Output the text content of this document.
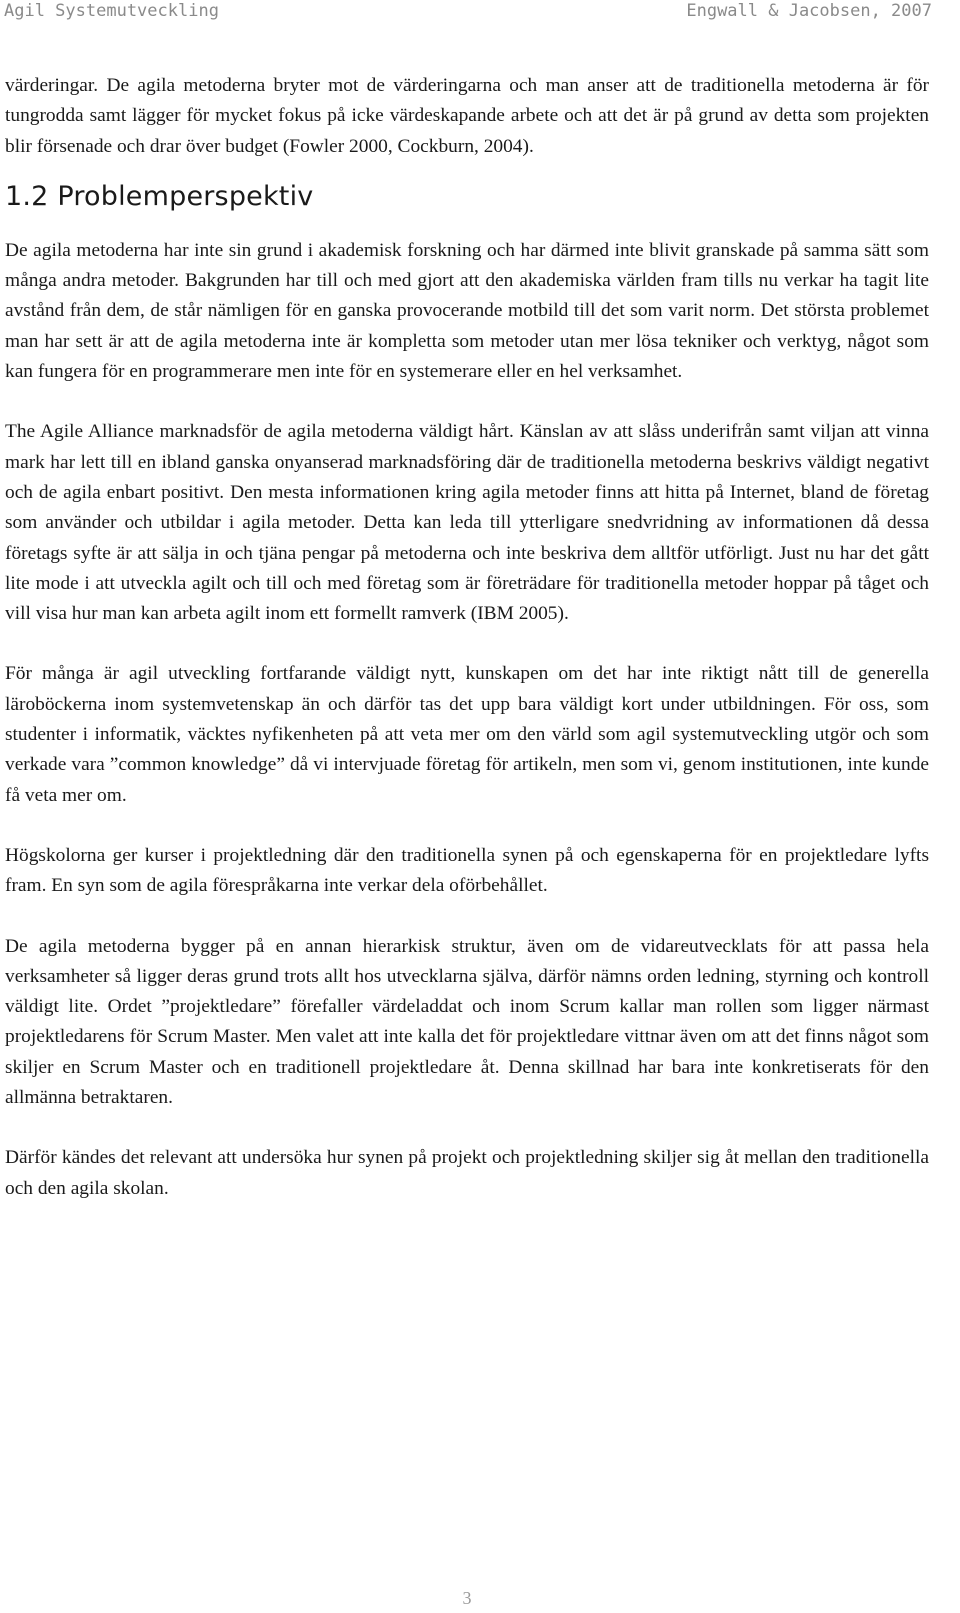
Agil Systemutveckling	Engwall & Jacobsen, 2007

värderingar. De agila metoderna bryter mot de värderingarna och man anser att de traditionella metoderna är för tungrodda samt lägger för mycket fokus på icke värdeskapande arbete och att det är på grund av detta som projekten blir försenade och drar över budget (Fowler 2000, Cockburn, 2004).

1.2 Problemperspektiv

De agila metoderna har inte sin grund i akademisk forskning och har därmed inte blivit granskade på samma sätt som många andra metoder. Bakgrunden har till och med gjort att den akademiska världen fram tills nu verkar ha tagit lite avstånd från dem, de står nämligen för en ganska provocerande motbild till det som varit norm. Det största problemet man har sett är att de agila metoderna inte är kompletta som metoder utan mer lösa tekniker och verktyg, något som kan fungera för en programmerare men inte för en systemerare eller en hel verksamhet.

The Agile Alliance marknadsför de agila metoderna väldigt hårt. Känslan av att slåss underifrån samt viljan att vinna mark har lett till en ibland ganska onyanserad marknadsföring där de traditionella metoderna beskrivs väldigt negativt och de agila enbart positivt. Den mesta informationen kring agila metoder finns att hitta på Internet, bland de företag som använder och utbildar i agila metoder. Detta kan leda till ytterligare snedvridning av informationen då dessa företags syfte är att sälja in och tjäna pengar på metoderna och inte beskriva dem alltför utförligt. Just nu har det gått lite mode i att utveckla agilt och till och med företag som är företrädare för traditionella metoder hoppar på tåget och vill visa hur man kan arbeta agilt inom ett formellt ramverk (IBM 2005).

För många är agil utveckling fortfarande väldigt nytt, kunskapen om det har inte riktigt nått till de generella läroböckerna inom systemvetenskap än och därför tas det upp bara väldigt kort under utbildningen. För oss, som studenter i informatik, väcktes nyfikenheten på att veta mer om den värld som agil systemutveckling utgör och som verkade vara ”common knowledge” då vi intervjuade företag för artikeln, men som vi, genom institutionen, inte kunde få veta mer om.

Högskolorna ger kurser i projektledning där den traditionella synen på och egenskaperna för en projektledare lyfts fram. En syn som de agila förespråkarna inte verkar dela oförbehållet.

De agila metoderna bygger på en annan hierarkisk struktur, även om de vidareutvecklats för att passa hela verksamheter så ligger deras grund trots allt hos utvecklarna själva, därför nämns orden ledning, styrning och kontroll väldigt lite. Ordet ”projektledare” förefaller värdeladdat och inom Scrum kallar man rollen som ligger närmast projektledarens för Scrum Master. Men valet att inte kalla det för projektledare vittnar även om att det finns något som skiljer en Scrum Master och en traditionell projektledare åt. Denna skillnad har bara inte konkretiserats för den allmänna betraktaren.

Därför kändes det relevant att undersöka hur synen på projekt och projektledning skiljer sig åt mellan den traditionella och den agila skolan.

3
